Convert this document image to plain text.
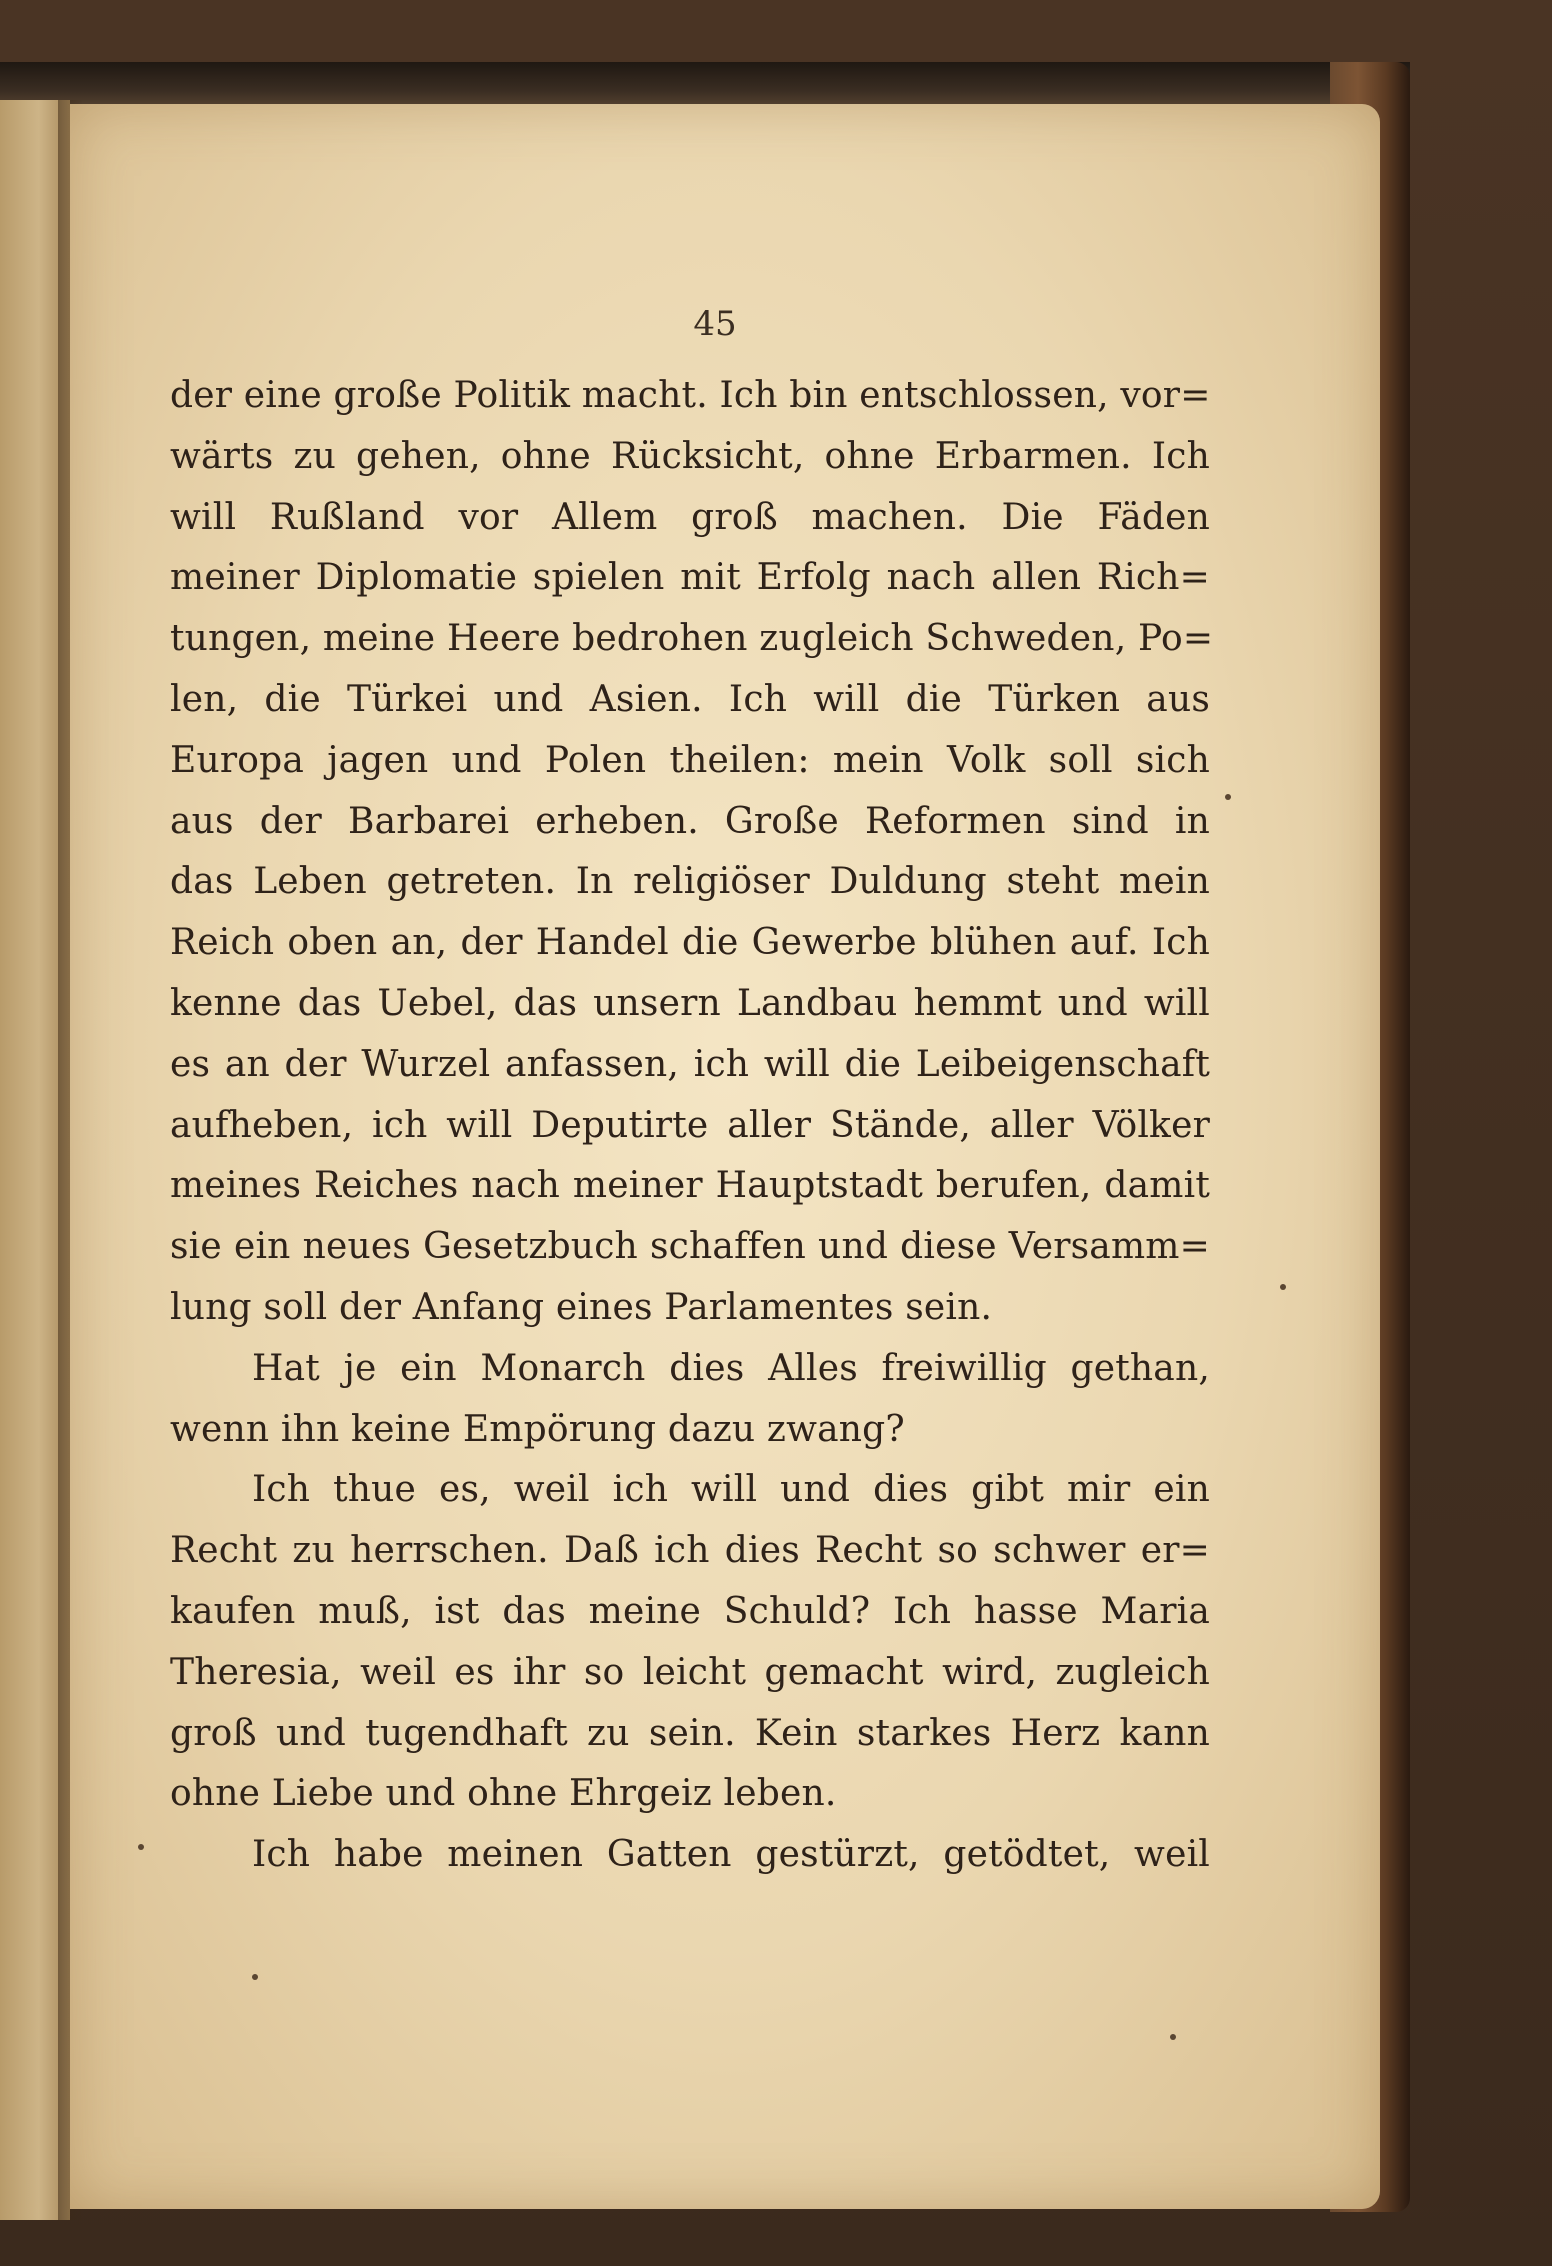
45
der eine große Politik macht. Ich bin entschlossen, vor=
wärts zu gehen, ohne Rücksicht, ohne Erbarmen. Ich
will Rußland vor Allem groß machen. Die Fäden
meiner Diplomatie spielen mit Erfolg nach allen Rich=
tungen, meine Heere bedrohen zugleich Schweden, Po=
len, die Türkei und Asien. Ich will die Türken aus
Europa jagen und Polen theilen: mein Volk soll sich
aus der Barbarei erheben. Große Reformen sind in
das Leben getreten. In religiöser Duldung steht mein
Reich oben an, der Handel die Gewerbe blühen auf. Ich
kenne das Uebel, das unsern Landbau hemmt und will
es an der Wurzel anfassen, ich will die Leibeigenschaft
aufheben, ich will Deputirte aller Stände, aller Völker
meines Reiches nach meiner Hauptstadt berufen, damit
sie ein neues Gesetzbuch schaffen und diese Versamm=
lung soll der Anfang eines Parlamentes sein.
Hat je ein Monarch dies Alles freiwillig gethan,
wenn ihn keine Empörung dazu zwang?
Ich thue es, weil ich will und dies gibt mir ein
Recht zu herrschen. Daß ich dies Recht so schwer er=
kaufen muß, ist das meine Schuld? Ich hasse Maria
Theresia, weil es ihr so leicht gemacht wird, zugleich
groß und tugendhaft zu sein. Kein starkes Herz kann
ohne Liebe und ohne Ehrgeiz leben.
Ich habe meinen Gatten gestürzt, getödtet, weil
